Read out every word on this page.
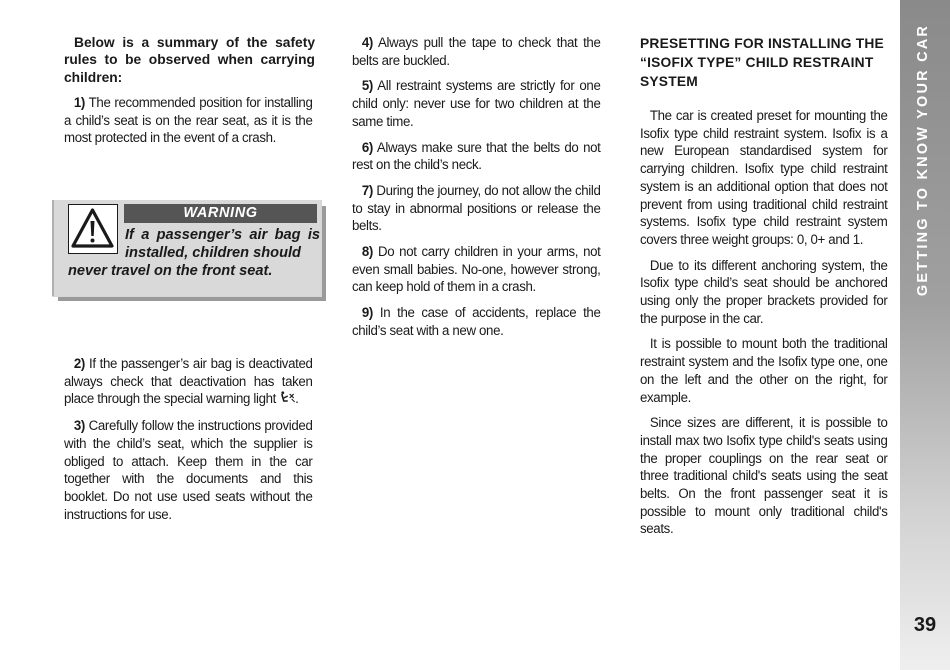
Below is a summary of the safety rules to be observed when carrying children:

1) The recommended position for installing a child’s seat is on the rear seat, as it is the most protected in the event of a crash.

WARNING
If a passenger’s air bag is installed, children should
never travel on the front seat.

2) If the passenger’s air bag is deactivated always check that deactivation has taken place through the special warning light .

3) Carefully follow the instructions provided with the child’s seat, which the supplier is obliged to attach. Keep them in the car together with the documents and this booklet. Do not use used seats without the instructions for use.

4) Always pull the tape to check that the belts are buckled.

5) All restraint systems are strictly for one child only: never use for two children at the same time.

6) Always make sure that the belts do not rest on the child’s neck.

7) During the journey, do not allow the child to stay in abnormal positions or release the belts.

8) Do not carry children in your arms, not even small babies. No-one, however strong, can keep hold of them in a crash.

9) In the case of accidents, replace the child’s seat with a new one.

PRESETTING FOR INSTALLING THE “ISOFIX TYPE” CHILD RESTRAINT SYSTEM

The car is created preset for mounting the Isofix type child restraint system. Isofix is a new European standardised system for carrying children. Isofix type child restraint system is an additional option that does not prevent from using traditional child restraint systems. Isofix type child restraint system covers three weight groups: 0, 0+ and 1.

Due to its different anchoring system, the Isofix type child’s seat should be anchored using only the proper brackets provided for the purpose in the car.

It is possible to mount both the traditional restraint system and the Isofix type one, one on the left and the other on the right, for example.

Since sizes are different, it is possible to install max two Isofix type child's seats using the proper couplings on the rear seat or three traditional child's seats using the seat belts. On the front passenger seat it is possible to mount only traditional child's seats.

GETTING TO KNOW YOUR CAR
39
